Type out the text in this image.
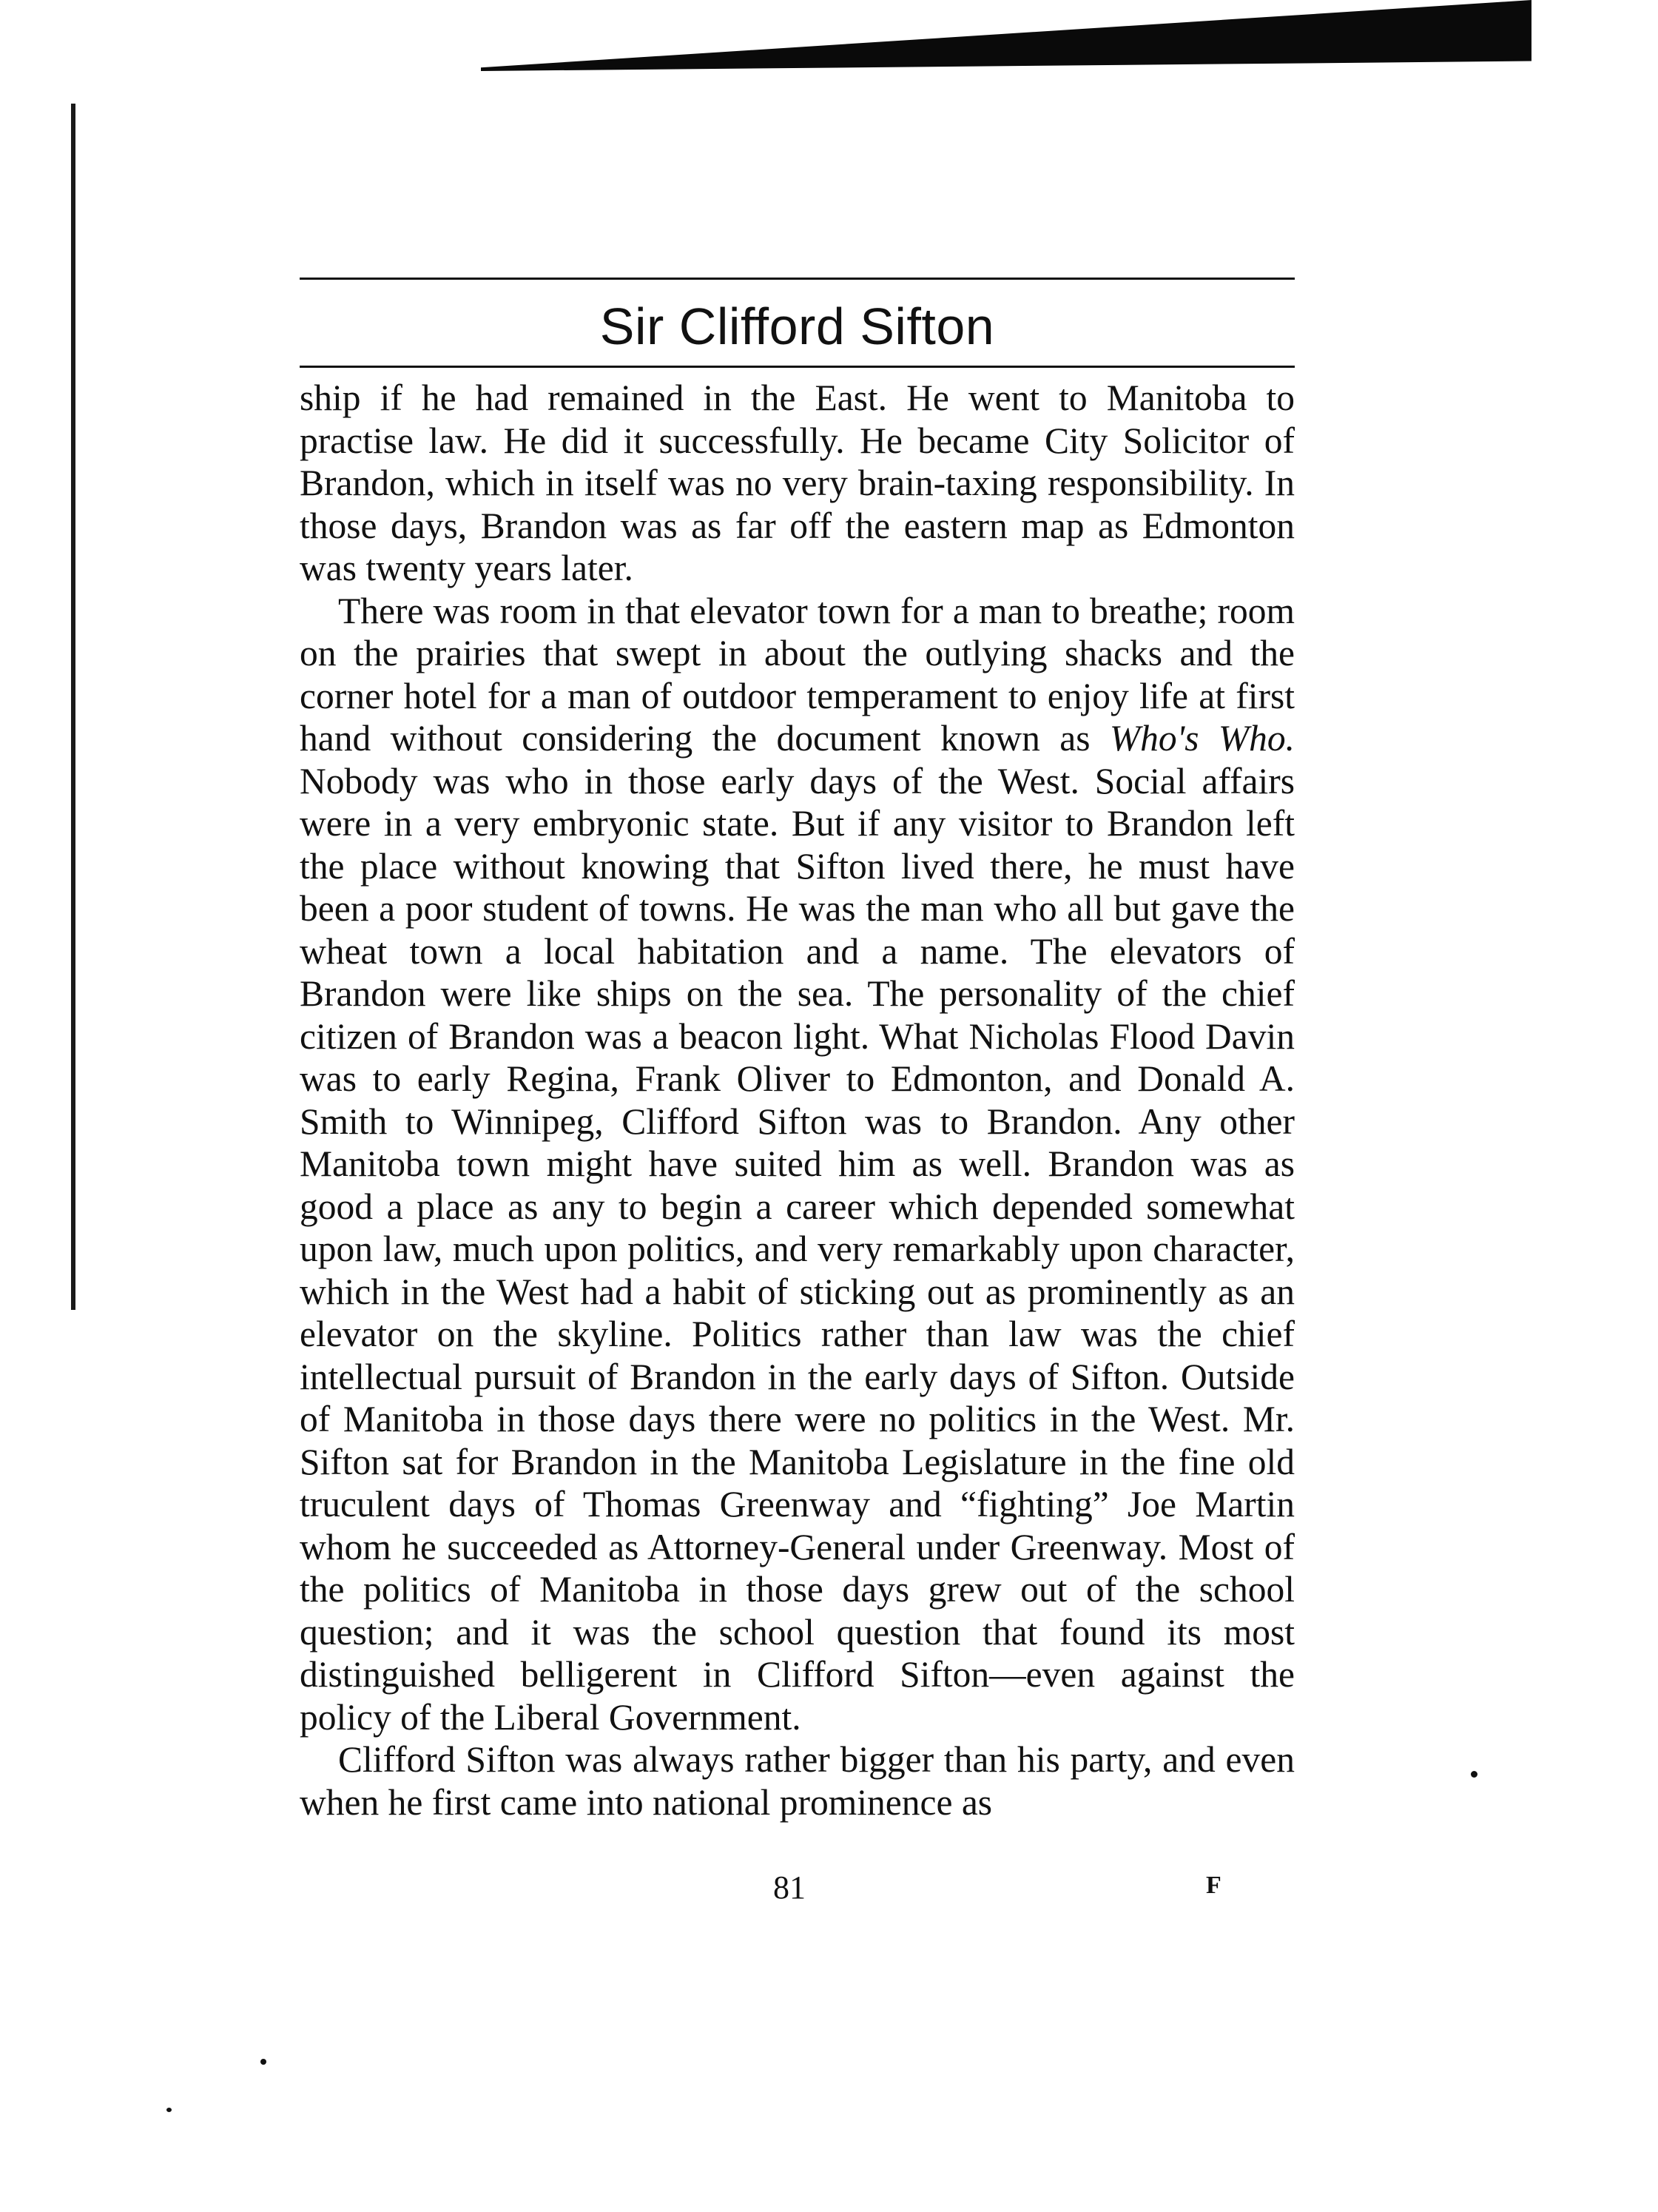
Sir Clifford Sifton

ship if he had remained in the East. He went to Manitoba to practise law. He did it successfully. He became City Solicitor of Brandon, which in itself was no very brain-taxing responsibility. In those days, Brandon was as far off the eastern map as Edmonton was twenty years later.

There was room in that elevator town for a man to breathe; room on the prairies that swept in about the outlying shacks and the corner hotel for a man of outdoor temperament to enjoy life at first hand without considering the document known as Who's Who. Nobody was who in those early days of the West. Social affairs were in a very embryonic state. But if any visitor to Brandon left the place without knowing that Sifton lived there, he must have been a poor student of towns. He was the man who all but gave the wheat town a local habitation and a name. The elevators of Brandon were like ships on the sea. The personality of the chief citizen of Brandon was a beacon light. What Nicholas Flood Davin was to early Regina, Frank Oliver to Edmonton, and Donald A. Smith to Winnipeg, Clifford Sifton was to Brandon. Any other Manitoba town might have suited him as well. Brandon was as good a place as any to begin a career which depended somewhat upon law, much upon politics, and very remarkably upon character, which in the West had a habit of sticking out as prominently as an elevator on the skyline. Politics rather than law was the chief intellectual pursuit of Brandon in the early days of Sifton. Outside of Manitoba in those days there were no politics in the West. Mr. Sifton sat for Brandon in the Manitoba Legislature in the fine old truculent days of Thomas Greenway and “fighting” Joe Martin whom he succeeded as Attorney-General under Greenway. Most of the politics of Manitoba in those days grew out of the school question; and it was the school question that found its most distinguished belligerent in Clifford Sifton—even against the policy of the Liberal Government.

Clifford Sifton was always rather bigger than his party, and even when he first came into national prominence as

81	F
